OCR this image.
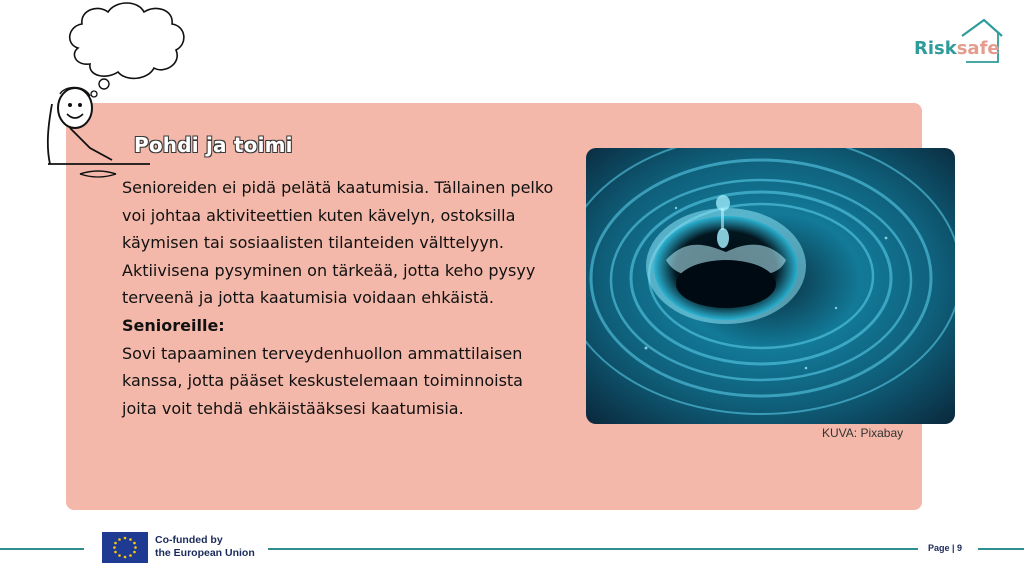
Pohdi ja toimi

Senioreiden ei pidä pelätä kaatumisia. Tällainen pelko voi johtaa aktiviteettien kuten kävelyn, ostoksilla käymisen tai sosiaalisten tilanteiden välttelyyn. Aktiivisena pysyminen on tärkeää, jotta keho pysyy terveenä ja jotta kaatumisia voidaan ehkäistä.

Senioreille:

Sovi tapaaminen terveydenhuollon ammattilaisen kanssa, jotta pääset keskustelemaan toiminnoista joita voit tehdä ehkäistääksesi kaatumisia.

KUVA: Pixabay
Risksafe
Co-funded by
the European Union	Page | 9
